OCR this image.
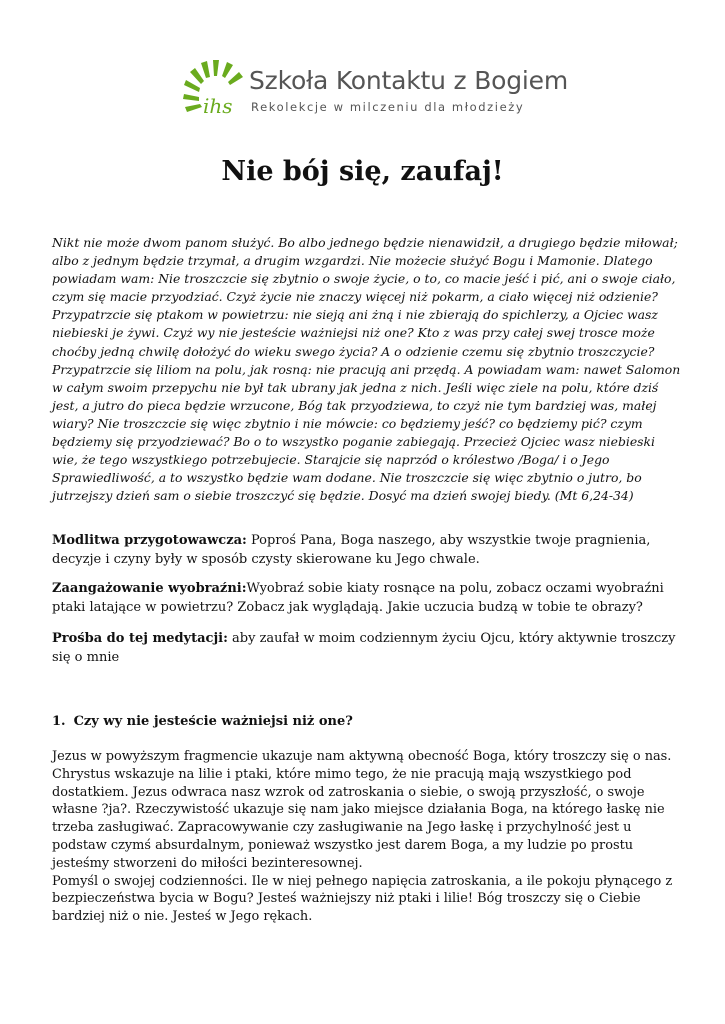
ihs
Szkoła Kontaktu z Bogiem
Rekolekcje w milczeniu dla młodzieży
Nie bój się, zaufaj!

Nikt nie może dwom panom służyć. Bo albo jednego będzie nienawidził, a drugiego będzie miłował; albo z jednym będzie trzymał, a drugim wzgardzi. Nie możecie służyć Bogu i Mamonie. Dlatego powiadam wam: Nie troszczcie się zbytnio o swoje życie, o to, co macie jeść i pić, ani o swoje ciało, czym się macie przyodziać. Czyż życie nie znaczy więcej niż pokarm, a ciało więcej niż odzienie? Przypatrzcie się ptakom w powietrzu: nie sieją ani żną i nie zbierają do spichlerzy, a Ojciec wasz niebieski je żywi. Czyż wy nie jesteście ważniejsi niż one? Kto z was przy całej swej trosce może choćby jedną chwilę dołożyć do wieku swego życia? A o odzienie czemu się zbytnio troszczycie? Przypatrzcie się liliom na polu, jak rosną: nie pracują ani przędą. A powiadam wam: nawet Salomon w całym swoim przepychu nie był tak ubrany jak jedna z nich. Jeśli więc ziele na polu, które dziś jest, a jutro do pieca będzie wrzucone, Bóg tak przyodziewa, to czyż nie tym bardziej was, małej wiary? Nie troszczcie się więc zbytnio i nie mówcie: co będziemy jeść? co będziemy pić? czym będziemy się przyodziewać? Bo o to wszystko poganie zabiegają. Przecież Ojciec wasz niebieski wie, że tego wszystkiego potrzebujecie. Starajcie się naprzód o królestwo /Boga/ i o Jego Sprawiedliwość, a to wszystko będzie wam dodane. Nie troszczcie się więc zbytnio o jutro, bo jutrzejszy dzień sam o siebie troszczyć się będzie. Dosyć ma dzień swojej biedy. (Mt 6,24-34)

Modlitwa przygotowawcza: Poproś Pana, Boga naszego, aby wszystkie twoje pragnienia, decyzje i czyny były w sposób czysty skierowane ku Jego chwale.

Zaangażowanie wyobraźni:Wyobraź sobie kiaty rosnące na polu, zobacz oczami wyobraźni ptaki latające w powietrzu? Zobacz jak wyglądają. Jakie uczucia budzą w tobie te obrazy?

Prośba do tej medytacji: aby zaufał w moim codziennym życiu Ojcu, który aktywnie troszczy się o mnie

1. Czy wy nie jesteście ważniejsi niż one?
Jezus w powyższym fragmencie ukazuje nam aktywną obecność Boga, który troszczy się o nas. Chrystus wskazuje na lilie i ptaki, które mimo tego, że nie pracują mają wszystkiego pod dostatkiem. Jezus odwraca nasz wzrok od zatroskania o siebie, o swoją przyszłość, o swoje własne ?ja?. Rzeczywistość ukazuje się nam jako miejsce działania Boga, na którego łaskę nie trzeba zasługiwać. Zapracowywanie czy zasługiwanie na Jego łaskę i przychylność jest u podstaw czymś absurdalnym, ponieważ wszystko jest darem Boga, a my ludzie po prostu jesteśmy stworzeni do miłości bezinteresownej.
Pomyśl o swojej codzienności. Ile w niej pełnego napięcia zatroskania, a ile pokoju płynącego z bezpieczeństwa bycia w Bogu? Jesteś ważniejszy niż ptaki i lilie! Bóg troszczy się o Ciebie bardziej niż o nie. Jesteś w Jego rękach.
